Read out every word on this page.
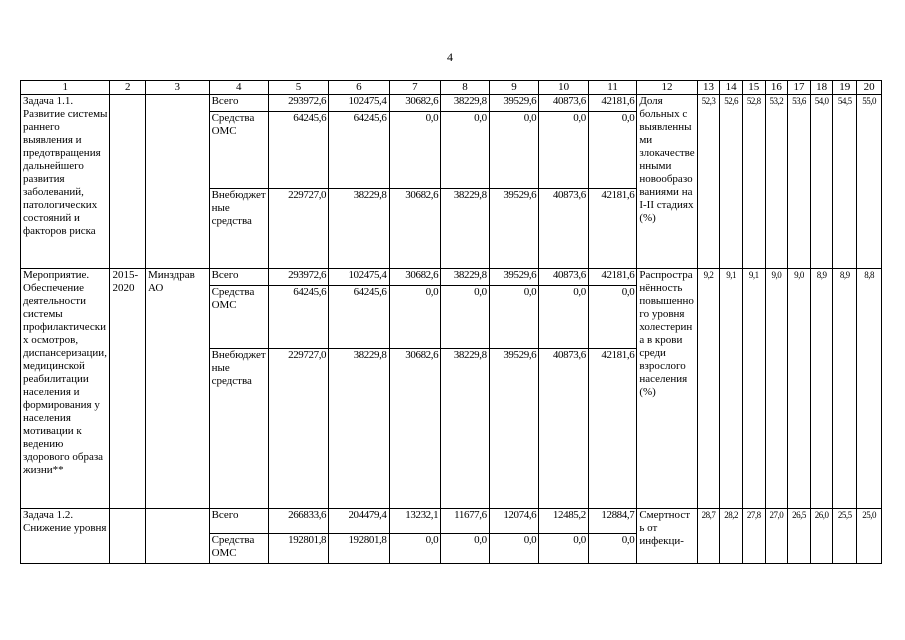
4
1	2	3	4	5	6	7	8	9	10	11	12	13	14	15	16	17	18	19	20
Задача 1.1. Развитие системы раннего выявления и предотвращения дальнейшего развития заболеваний, патологических состояний и факторов риска			Всего	293972,6	102475,4	30682,6	38229,8	39529,6	40873,6	42181,6	Доля больных с выявленными злокачественными новообразованиями на I-II стадиях (%)	52,3	52,6	52,8	53,2	53,6	54,0	54,5	55,0
			Средства ОМС	64245,6	64245,6	0,0	0,0	0,0	0,0	0,0									
			Внебюджетные средства	229727,0	38229,8	30682,6	38229,8	39529,6	40873,6	42181,6									
Мероприятие. Обеспечение деятельности системы профилактических осмотров, диспансеризации, медицинской реабилитации населения и формирования у населения мотивации к ведению здорового образа жизни**	2015-2020	Минздрав АО	Всего	293972,6	102475,4	30682,6	38229,8	39529,6	40873,6	42181,6	Распространённость повышенного уровня холестерина в крови среди взрослого населения (%)	9,2	9,1	9,1	9,0	9,0	8,9	8,9	8,8
			Средства ОМС	64245,6	64245,6	0,0	0,0	0,0	0,0	0,0									
			Внебюджетные средства	229727,0	38229,8	30682,6	38229,8	39529,6	40873,6	42181,6									
Задача 1.2. Снижение уровня			Всего	266833,6	204479,4	13232,1	11677,6	12074,6	12485,2	12884,7	Смертность от инфекци-	28,7	28,2	27,8	27,0	26,5	26,0	25,5	25,0
			Средства ОМС	192801,8	192801,8	0,0	0,0	0,0	0,0	0,0									
